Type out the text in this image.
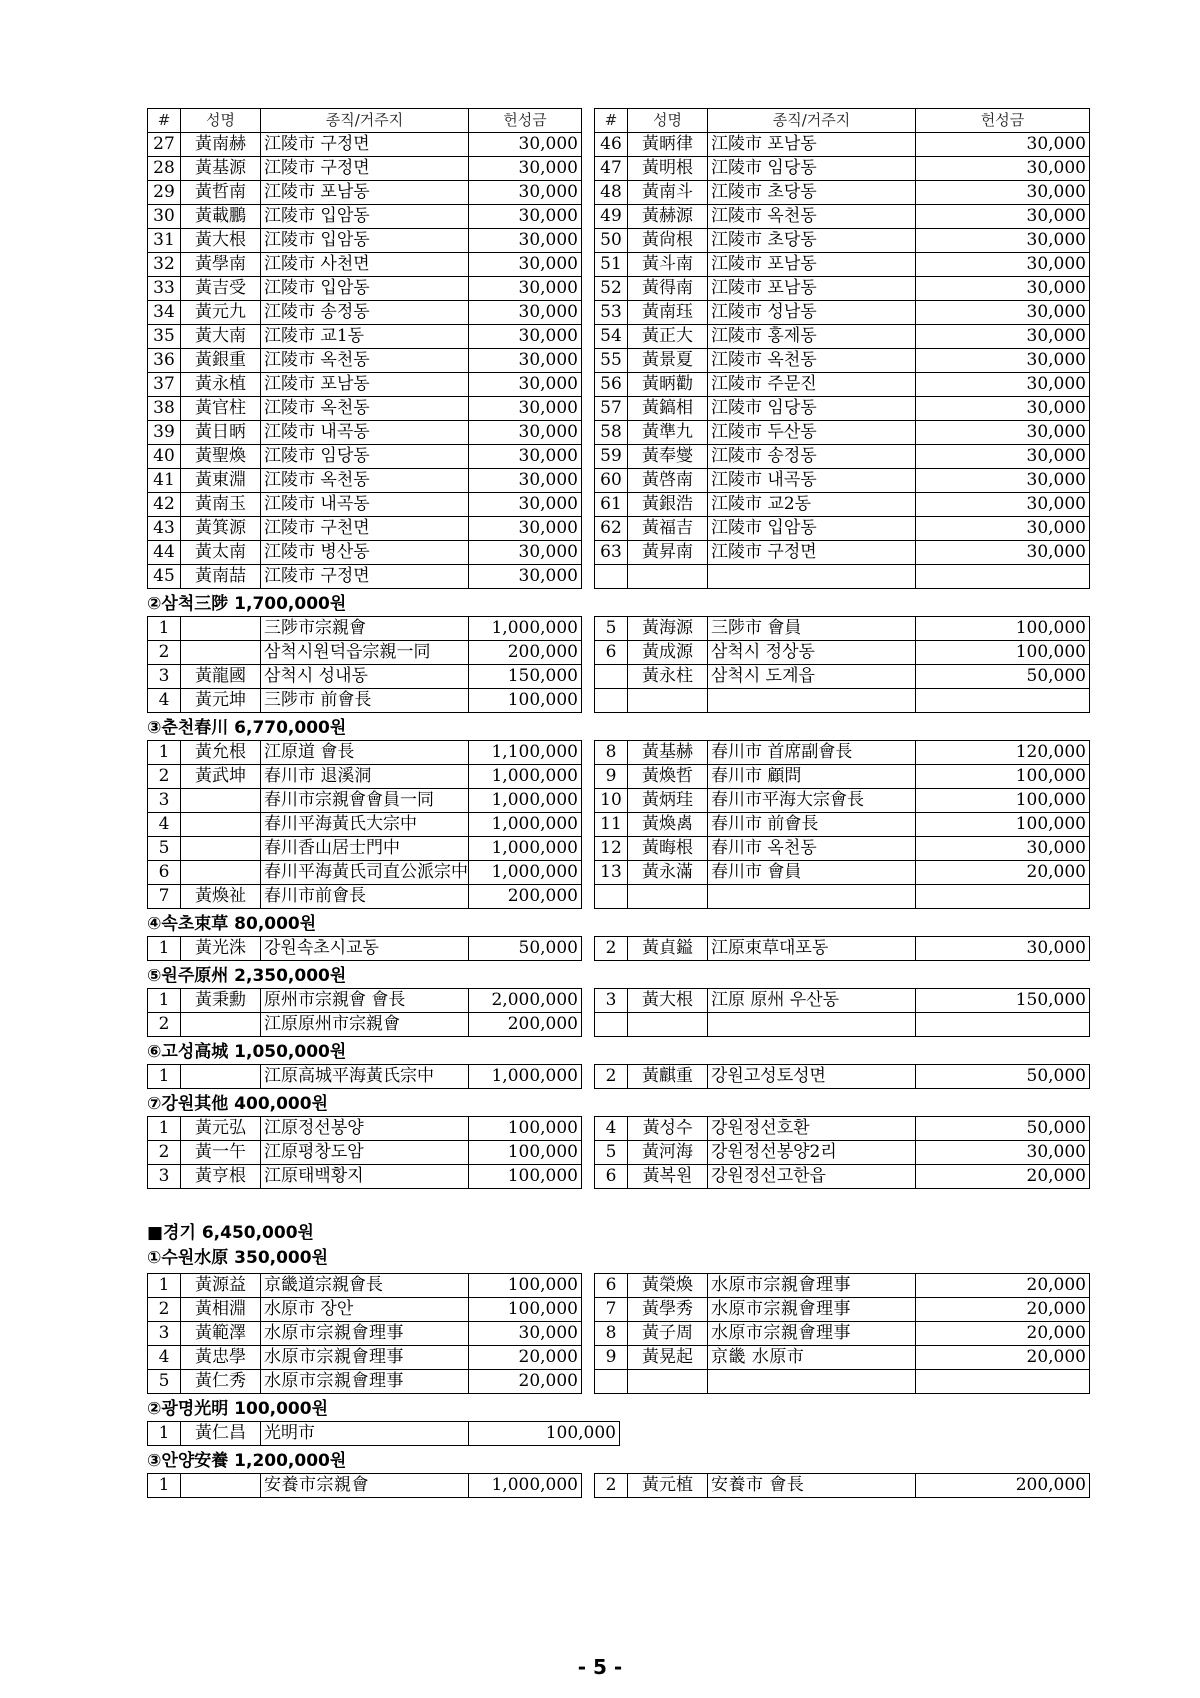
#	성명	종직/거주지	헌성금		#	성명	종직/거주지	헌성금
27	黃南赫	江陵市 구정면	30,000		46	黃昞律	江陵市 포남동	30,000
28	黃基源	江陵市 구정면	30,000		47	黃明根	江陵市 임당동	30,000
29	黃哲南	江陵市 포남동	30,000		48	黃南斗	江陵市 초당동	30,000
30	黃載鵬	江陵市 입암동	30,000		49	黃赫源	江陵市 옥천동	30,000
31	黃大根	江陵市 입암동	30,000		50	黃尙根	江陵市 초당동	30,000
32	黃學南	江陵市 사천면	30,000		51	黃斗南	江陵市 포남동	30,000
33	黃吉受	江陵市 입암동	30,000		52	黃得南	江陵市 포남동	30,000
34	黃元九	江陵市 송정동	30,000		53	黃南珏	江陵市 성남동	30,000
35	黃大南	江陵市 교1동	30,000		54	黃正大	江陵市 홍제동	30,000
36	黃銀重	江陵市 옥천동	30,000		55	黃景夏	江陵市 옥천동	30,000
37	黃永植	江陵市 포남동	30,000		56	黃昞勸	江陵市 주문진	30,000
38	黃官柱	江陵市 옥천동	30,000		57	黃鎬相	江陵市 임당동	30,000
39	黃日昞	江陵市 내곡동	30,000		58	黃準九	江陵市 두산동	30,000
40	黃聖煥	江陵市 임당동	30,000		59	黃奉燮	江陵市 송정동	30,000
41	黃東淵	江陵市 옥천동	30,000		60	黃啓南	江陵市 내곡동	30,000
42	黃南玉	江陵市 내곡동	30,000		61	黃銀浩	江陵市 교2동	30,000
43	黃箕源	江陵市 구천면	30,000		62	黃福吉	江陵市 입암동	30,000
44	黃太南	江陵市 병산동	30,000		63	黃昇南	江陵市 구정면	30,000
45	黃南喆	江陵市 구정면	30,000					
②삼척三陟 1,700,000원
1		三陟市宗親會	1,000,000		5	黃海源	三陟市 會員	100,000
2		삼척시원덕읍宗親一同	200,000		6	黃成源	삼척시 정상동	100,000
3	黃龍國	삼척시 성내동	150,000			黃永柱	삼척시 도계읍	50,000
4	黃元坤	三陟市 前會長	100,000					
③춘천春川 6,770,000원
1	黃允根	江原道 會長	1,100,000		8	黃基赫	春川市 首席副會長	120,000
2	黃武坤	春川市 退溪洞	1,000,000		9	黃煥哲	春川市 顧問	100,000
3		春川市宗親會會員一同	1,000,000		10	黃炳珪	春川市平海大宗會長	100,000
4		春川平海黃氏大宗中	1,000,000		11	黃煥禼	春川市 前會長	100,000
5		春川香山居士門中	1,000,000		12	黃晦根	春川市 옥천동	30,000
6		春川平海黃氏司直公派宗中	1,000,000		13	黃永滿	春川市 會員	20,000
7	黃煥祉	春川市前會長	200,000					
④속초束草 80,000원
1	黃光洙	강원속초시교동	50,000		2	黃貞鎰	江原束草대포동	30,000
⑤원주原州 2,350,000원
1	黃秉勳	原州市宗親會 會長	2,000,000		3	黃大根	江原 原州 우산동	150,000
2		江原原州市宗親會	200,000					
⑥고성高城 1,050,000원
1		江原高城平海黃氏宗中	1,000,000		2	黃麒重	강원고성토성면	50,000
⑦강원其他 400,000원
1	黃元弘	江原정선봉양	100,000		4	黃성수	강원정선호환	50,000
2	黃一午	江原평창도암	100,000		5	黃河海	강원정선봉양2리	30,000
3	黃亨根	江原태백황지	100,000		6	黃복원	강원정선고한읍	20,000
■경기 6,450,000원
①수원水原 350,000원
1	黃源益	京畿道宗親會長	100,000		6	黃榮煥	水原市宗親會理事	20,000
2	黃相淵	水原市 장안	100,000		7	黃學秀	水原市宗親會理事	20,000
3	黃範澤	水原市宗親會理事	30,000		8	黃子周	水原市宗親會理事	20,000
4	黃忠學	水原市宗親會理事	20,000		9	黃晃起	京畿 水原市	20,000
5	黃仁秀	水原市宗親會理事	20,000					
②광명光明 100,000원
1	黃仁昌	光明市	100,000
③안양安養 1,200,000원
1		安養市宗親會	1,000,000		2	黃元植	安養市 會長	200,000
- 5 -
